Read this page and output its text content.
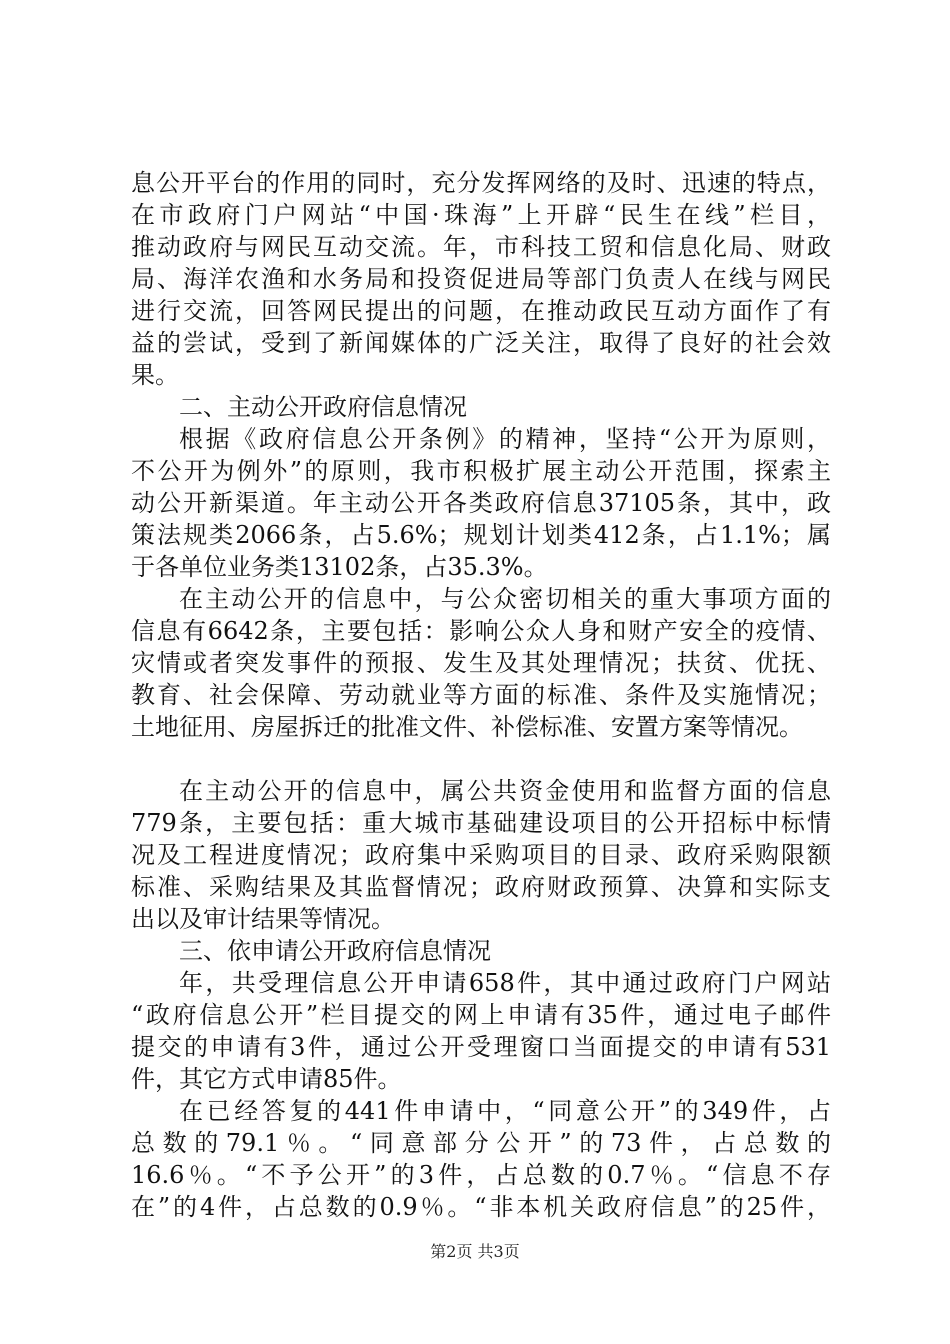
息公开平台的作用的同时，充分发挥网络的及时、迅速的特点，
在市政府门户网站“中国·珠海”上开辟“民生在线”栏目，
推动政府与网民互动交流。年，市科技工贸和信息化局、财政
局、海洋农渔和水务局和投资促进局等部门负责人在线与网民
进行交流，回答网民提出的问题，在推动政民互动方面作了有
益的尝试，受到了新闻媒体的广泛关注，取得了良好的社会效
果。
二、主动公开政府信息情况
根据《政府信息公开条例》的精神，坚持“公开为原则，
不公开为例外”的原则，我市积极扩展主动公开范围，探索主
动公开新渠道。年主动公开各类政府信息37105条，其中，政
策法规类2066条，占5.6%；规划计划类412条，占1.1%；属
于各单位业务类13102条，占35.3%。
在主动公开的信息中，与公众密切相关的重大事项方面的
信息有6642条，主要包括：影响公众人身和财产安全的疫情、
灾情或者突发事件的预报、发生及其处理情况；扶贫、优抚、
教育、社会保障、劳动就业等方面的标准、条件及实施情况；
土地征用、房屋拆迁的批准文件、补偿标准、安置方案等情况。
在主动公开的信息中，属公共资金使用和监督方面的信息
779条，主要包括：重大城市基础建设项目的公开招标中标情
况及工程进度情况；政府集中采购项目的目录、政府采购限额
标准、采购结果及其监督情况；政府财政预算、决算和实际支
出以及审计结果等情况。
三、依申请公开政府信息情况
年，共受理信息公开申请658件，其中通过政府门户网站
“政府信息公开”栏目提交的网上申请有35件，通过电子邮件
提交的申请有3件，通过公开受理窗口当面提交的申请有531
件，其它方式申请85件。
在已经答复的441件申请中，“同意公开”的349件，占
总数的79.1％。“同意部分公开”的73件，占总数的
16.6％。“不予公开”的3件，占总数的0.7％。“信息不存
在”的4件，占总数的0.9％。“非本机关政府信息”的25件，
第2页 共3页
